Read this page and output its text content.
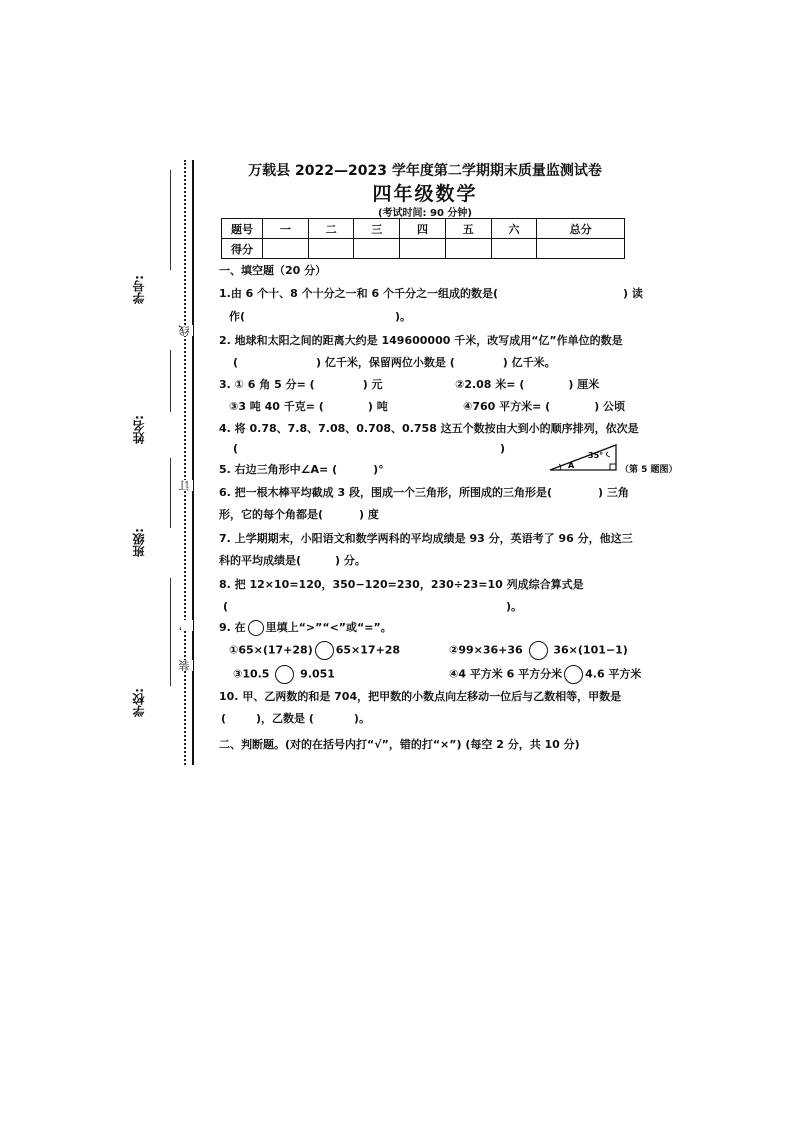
学号:
姓名:
班级:
学校:
线
订
，
装
万载县 2022—2023 学年度第二学期期末质量监测试卷
四年级数学
(考试时间: 90 分钟)
题号	一	二	三	四	五	六	总分
得分							
一、填空题（20 分）
1.由 6 个十、8 个十分之一和 6 个千分之一组成的数是(	) 读
作(	)。
2. 地球和太阳之间的距离大约是 149600000 千米，改写成用“亿”作单位的数是
(	) 亿千米，保留两位小数是 (	) 亿千米。
3. ① 6 角 5 分= (	) 元	②2.08 米= (	) 厘米
③3 吨 40 千克= (	) 吨	④760 平方米= (	) 公顷
4. 将 0.78、7.8、7.08、0.708、0.758 这五个数按由大到小的顺序排列，依次是
(	)
5. 右边三角形中∠A= (	)°
6. 把一根木棒平均截成 3 段，围成一个三角形，所围成的三角形是(	) 三角
形，它的每个角都是(	) 度
7. 上学期期末，小阳语文和数学两科的平均成绩是 93 分，英语考了 96 分，他这三
科的平均成绩是(	) 分。
8. 把 12×10=120，350−120=230，230÷23=10 列成综合算式是
(	)。
9. 在 里填上“>”“<”或“=”。
①65×(17+28) 65×17+28	②99×36+36	36×(101−1)
③10.5	9.051	④4 平方米 6 平方分米 4.6 平方米
10. 甲、乙两数的和是 704，把甲数的小数点向左移动一位后与乙数相等，甲数是
(	)，乙数是 (	)。
二、判断题。(对的在括号内打“√”，错的打“×”) (每空 2 分，共 10 分)
A
35°
（第 5 题图）
